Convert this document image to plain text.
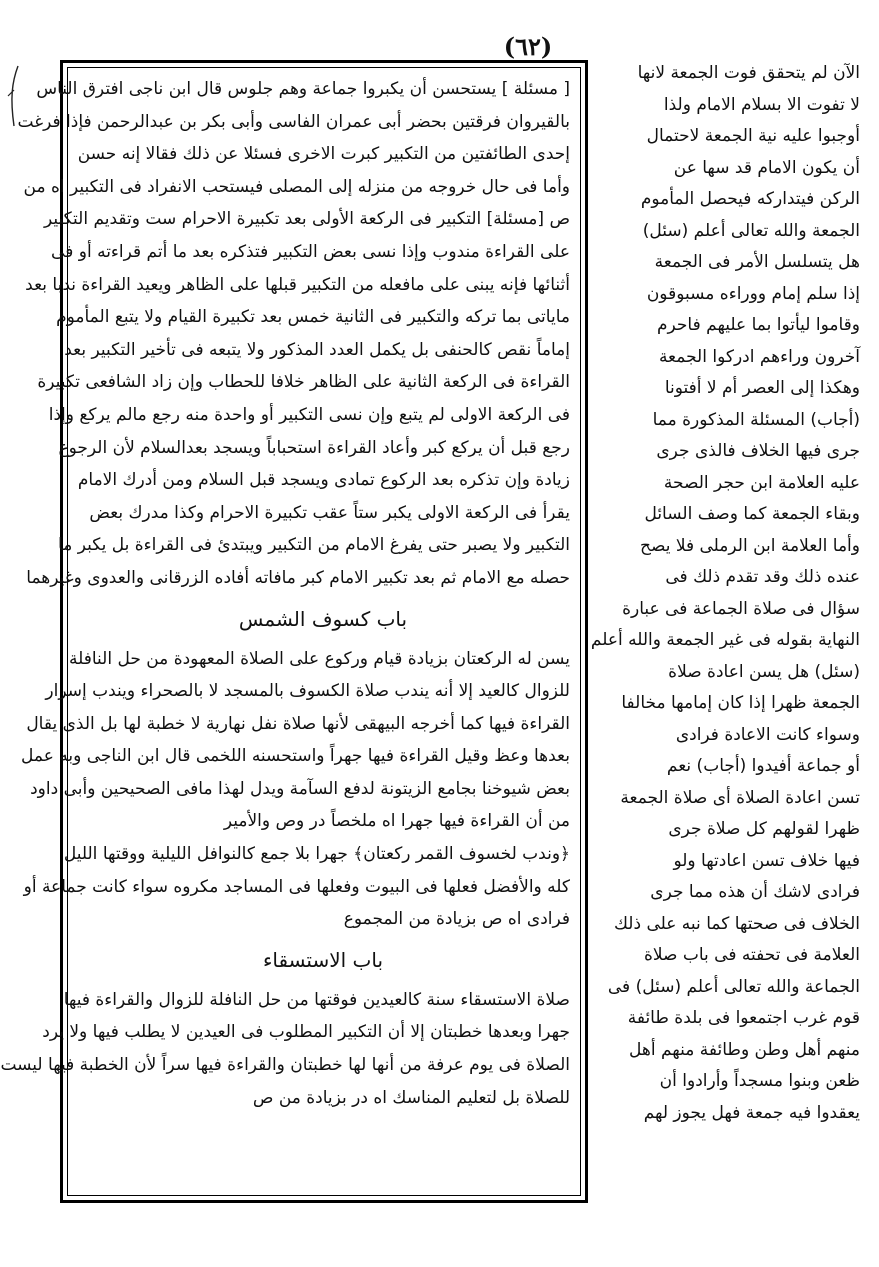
(٦٢)
[ مسئلة ] يستحسن أن يكبروا جماعة وهم جلوس قال ابن ناجى افترق الناس
بالقيروان فرقتين بحضر أبى عمران الفاسى وأبى بكر بن عبدالرحمن فإذا فرغت
إحدى الطائفتين من التكبير كبرت الاخرى فسئلا عن ذلك فقالا إنه حسن
وأما فى حال خروجه من منزله إلى المصلى فيستحب الانفراد فى التكبير اه من
ص [مسئلة] التكبير فى الركعة الأولى بعد تكبيرة الاحرام ست وتقديم التكبير
على القراءة مندوب وإذا نسى بعض التكبير فتذكره بعد ما أتم قراءته أو فى
أثنائها فإنه يبنى على مافعله من التكبير قبلها على الظاهر ويعيد القراءة ندبا بعد
ماياتى بما تركه والتكبير فى الثانية خمس بعد تكبيرة القيام ولا يتبع المأموم
إماماً نقص كالحنفى بل يكمل العدد المذكور ولا يتبعه فى تأخير التكبير بعد
القراءة فى الركعة الثانية على الظاهر خلافا للحطاب وإن زاد الشافعى تكبيرة
فى الركعة الاولى لم يتبع وإن نسى التكبير أو واحدة منه رجع مالم يركع وإذا
رجع قبل أن يركع كبر وأعاد القراءة استحباباً ويسجد بعدالسلام لأن الرجوع
زيادة وإن تذكره بعد الركوع تمادى ويسجد قبل السلام ومن أدرك الامام
يقرأ فى الركعة الاولى يكبر ستاً عقب تكبيرة الاحرام وكذا مدرك بعض
التكبير ولا يصبر حتى يفرغ الامام من التكبير ويبتدئ فى القراءة بل يكبر ما
حصله مع الامام ثم بعد تكبير الامام كبر مافاته أفاده الزرقانى والعدوى وغيرهما
باب كسوف الشمس
يسن له الركعتان بزيادة قيام وركوع على الصلاة المعهودة من حل النافلة
للزوال كالعيد إلا أنه يندب صلاة الكسوف بالمسجد لا بالصحراء ويندب إسرار
القراءة فيها كما أخرجه البيهقى لأنها صلاة نفل نهارية لا خطبة لها بل الذى يقال
بعدها وعظ وقيل القراءة فيها جهراً واستحسنه اللخمى قال ابن الناجى وبه عمل
بعض شيوخنا بجامع الزيتونة لدفع السآمة ويدل لهذا مافى الصحيحين وأبى داود
من أن القراءة فيها جهرا اه ملخصاً در وص والأمير
﴿وندب لخسوف القمر ركعتان﴾ جهرا بلا جمع كالنوافل الليلية ووقتها الليل
كله والأفضل فعلها فى البيوت وفعلها فى المساجد مكروه سواء كانت جماعة أو
فرادى اه ص بزيادة من المجموع
باب الاستسقاء
صلاة الاستسقاء سنة كالعيدين فوقتها من حل النافلة للزوال والقراءة فيها
جهرا وبعدها خطبتان إلا أن التكبير المطلوب فى العيدين لا يطلب فيها ولا يرد
الصلاة فى يوم عرفة من أنها لها خطبتان والقراءة فيها سراً لأن الخطبة فيها ليست
للصلاة بل لتعليم المناسك اه در بزيادة من ص
الآن لم يتحقق فوت الجمعة لانها
لا تفوت الا بسلام الامام ولذا
أوجبوا عليه نية الجمعة لاحتمال
أن يكون الامام قد سها عن
الركن فيتداركه فيحصل المأموم
الجمعة والله تعالى أعلم (سئل)
هل يتسلسل الأمر فى الجمعة
إذا سلم إمام ووراءه مسبوقون
وقاموا ليأتوا بما عليهم فاحرم
آخرون وراءهم ادركوا الجمعة
وهكذا إلى العصر أم لا أفتونا
(أجاب) المسئلة المذكورة مما
جرى فيها الخلاف فالذى جرى
عليه العلامة ابن حجر الصحة
وبقاء الجمعة كما وصف السائل
وأما العلامة ابن الرملى فلا يصح
عنده ذلك وقد تقدم ذلك فى
سؤال فى صلاة الجماعة فى عبارة
النهاية بقوله فى غير الجمعة والله أعلم
(سئل) هل يسن اعادة صلاة
الجمعة ظهرا إذا كان إمامها مخالفا
وسواء كانت الاعادة فرادى
أو جماعة أفيدوا (أجاب) نعم
تسن اعادة الصلاة أى صلاة الجمعة
ظهرا لقولهم كل صلاة جرى
فيها خلاف تسن اعادتها ولو
فرادى لاشك أن هذه مما جرى
الخلاف فى صحتها كما نبه على ذلك
العلامة فى تحفته فى باب صلاة
الجماعة والله تعالى أعلم (سئل) فى
قوم غرب اجتمعوا فى بلدة طائفة
منهم أهل وطن وطائفة منهم أهل
ظعن وبنوا مسجداً وأرادوا أن
يعقدوا فيه جمعة فهل يجوز لهم
